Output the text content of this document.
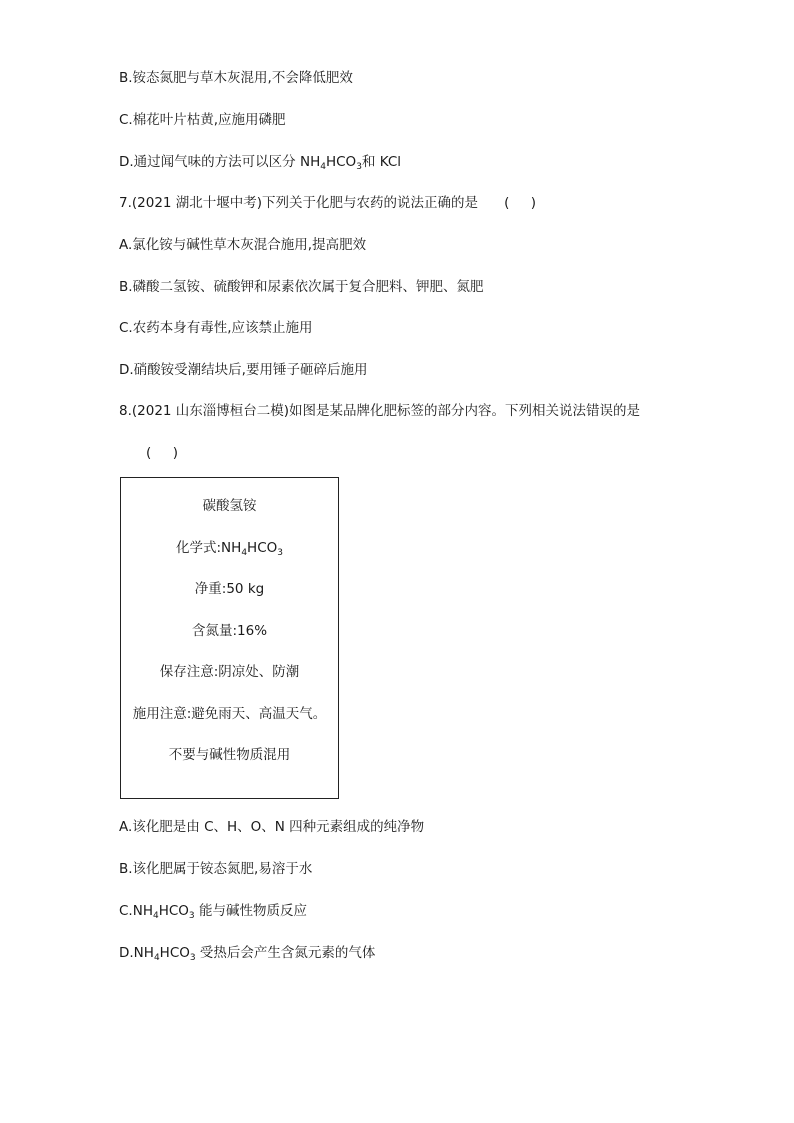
B.铵态氮肥与草木灰混用,不会降低肥效
C.棉花叶片枯黄,应施用磷肥
D.通过闻气味的方法可以区分 $NH_4HCO_3$和 KCl
7.(2021 湖北十堰中考)下列关于化肥与农药的说法正确的是 (     )
A.氯化铵与碱性草木灰混合施用,提高肥效
B.磷酸二氢铵、硫酸钾和尿素依次属于复合肥料、钾肥、氮肥
C.农药本身有毒性,应该禁止施用
D.硝酸铵受潮结块后,要用锤子砸碎后施用
8.(2021 山东淄博桓台二模)如图是某品牌化肥标签的部分内容。下列相关说法错误的是
(     )
碳酸氢铵
化学式$:NH_4HCO_3$
净重:50 kg
含氮量:16%
保存注意:阴凉处、防潮
施用注意:避免雨天、高温天气。
不要与碱性物质混用
A.该化肥是由 C、H、O、N 四种元素组成的纯净物
B.该化肥属于铵态氮肥,易溶于水
$C.NH_4HCO_3$ 能与碱性物质反应
$D.NH_4HCO_3$ 受热后会产生含氮元素的气体
